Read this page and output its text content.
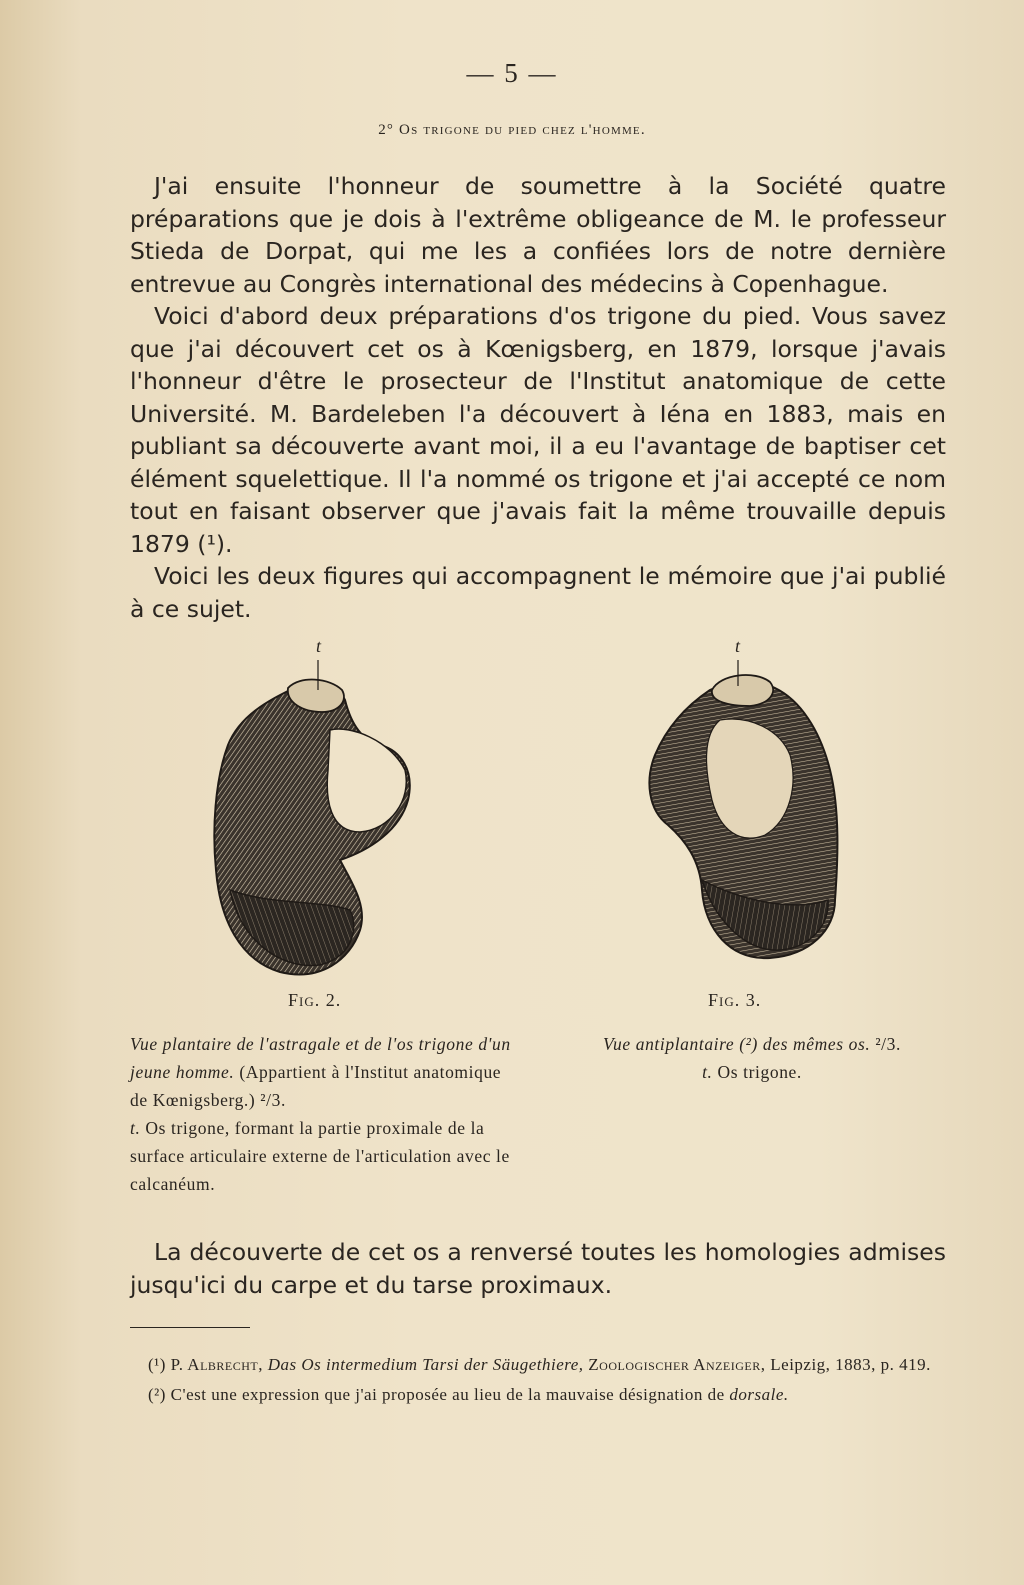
— 5 —
2° Os trigone du pied chez l'homme.

J'ai ensuite l'honneur de soumettre à la Société quatre préparations que je dois à l'extrême obligeance de M. le professeur Stieda de Dorpat, qui me les a confiées lors de notre dernière entrevue au Congrès international des médecins à Copenhague.

Voici d'abord deux préparations d'os trigone du pied. Vous savez que j'ai découvert cet os à Kœnigsberg, en 1879, lorsque j'avais l'honneur d'être le prosecteur de l'Institut anatomique de cette Université. M. Bardeleben l'a découvert à Iéna en 1883, mais en publiant sa découverte avant moi, il a eu l'avantage de baptiser cet élément squelettique. Il l'a nommé os trigone et j'ai accepté ce nom tout en faisant observer que j'avais fait la même trouvaille depuis 1879 (¹).

Voici les deux figures qui accompagnent le mémoire que j'ai publié à ce sujet.

t
Fig. 2.
Vue plantaire de l'astragale et de l'os trigone d'un jeune homme. (Appartient à l'Institut anatomique de Kœnigsberg.) ²/3.
t. Os trigone, formant la partie proximale de la surface articulaire externe de l'articulation avec le calcanéum.
t
Fig. 3.
Vue antiplantaire (²) des mêmes os. ²/3.
t. Os trigone.

La découverte de cet os a renversé toutes les homologies admises jusqu'ici du carpe et du tarse proximaux.

(¹) P. Albrecht, Das Os intermedium Tarsi der Säugethiere, Zoologischer Anzeiger, Leipzig, 1883, p. 419.

(²) C'est une expression que j'ai proposée au lieu de la mauvaise désignation de dorsale.
